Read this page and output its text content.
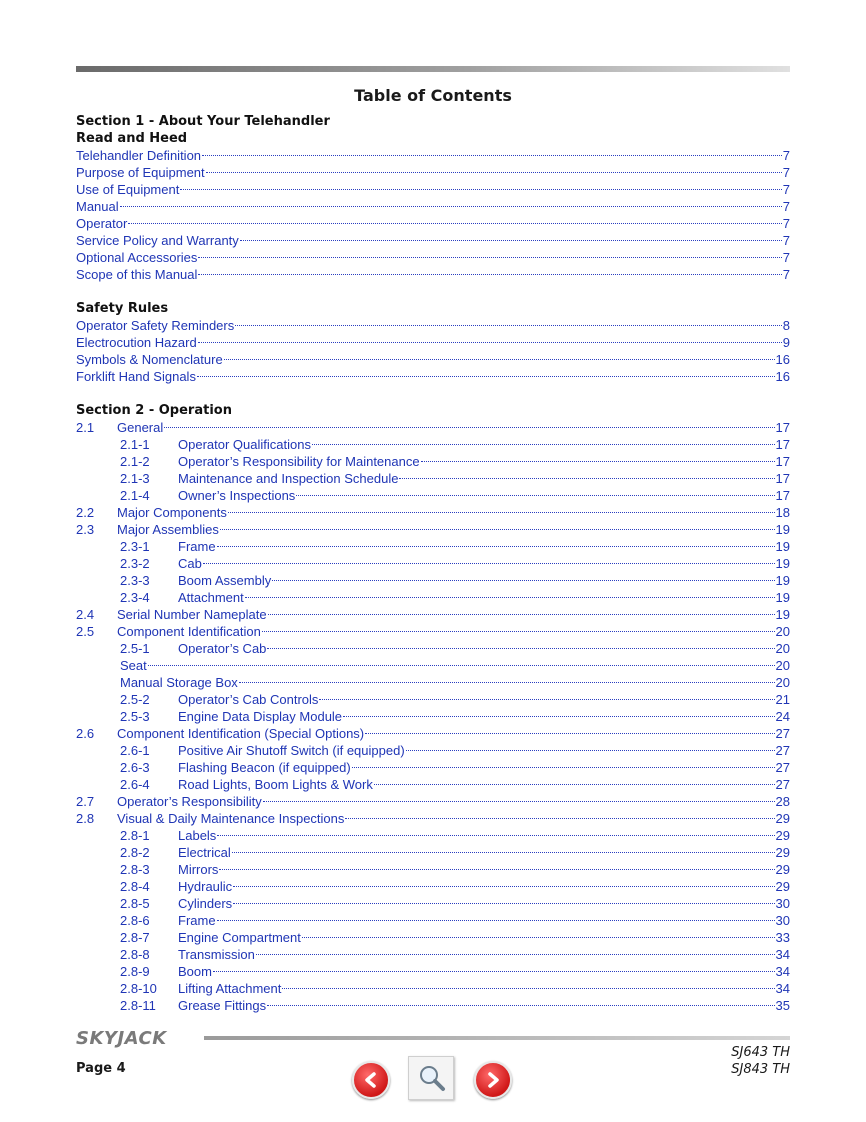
Table of Contents
Section 1 - About Your Telehandler
Read and Heed
Telehandler Definition	7
Purpose of Equipment	7
Use of Equipment	7
Manual	7
Operator	7
Service Policy and Warranty	7
Optional Accessories	7
Scope of this Manual	7
Safety Rules
Operator Safety Reminders	8
Electrocution Hazard	9
Symbols & Nomenclature	16
Forklift Hand Signals	16
Section 2 - Operation
2.1	General	17
2.1-1	Operator Qualifications	17
2.1-2	Operator’s Responsibility for Maintenance	17
2.1-3	Maintenance and Inspection Schedule	17
2.1-4	Owner’s Inspections	17
2.2	Major Components	18
2.3	Major Assemblies	19
2.3-1	Frame	19
2.3-2	Cab	19
2.3-3	Boom Assembly	19
2.3-4	Attachment	19
2.4	Serial Number Nameplate	19
2.5	Component Identification	20
2.5-1	Operator’s Cab	20
Seat	20
Manual Storage Box	20
2.5-2	Operator’s Cab Controls	21
2.5-3	Engine Data Display Module	24
2.6	Component Identification (Special Options)	27
2.6-1	Positive Air Shutoff Switch (if equipped)	27
2.6-3	Flashing Beacon (if equipped)	27
2.6-4	Road Lights, Boom Lights & Work	27
2.7	Operator’s Responsibility	28
2.8	Visual & Daily Maintenance Inspections	29
2.8-1	Labels	29
2.8-2	Electrical	29
2.8-3	Mirrors	29
2.8-4	Hydraulic	29
2.8-5	Cylinders	30
2.8-6	Frame	30
2.8-7	Engine Compartment	33
2.8-8	Transmission	34
2.8-9	Boom	34
2.8-10	Lifting Attachment	34
2.8-11	Grease Fittings	35
SKYJACK
Page 4
SJ643 TH
SJ843 TH
